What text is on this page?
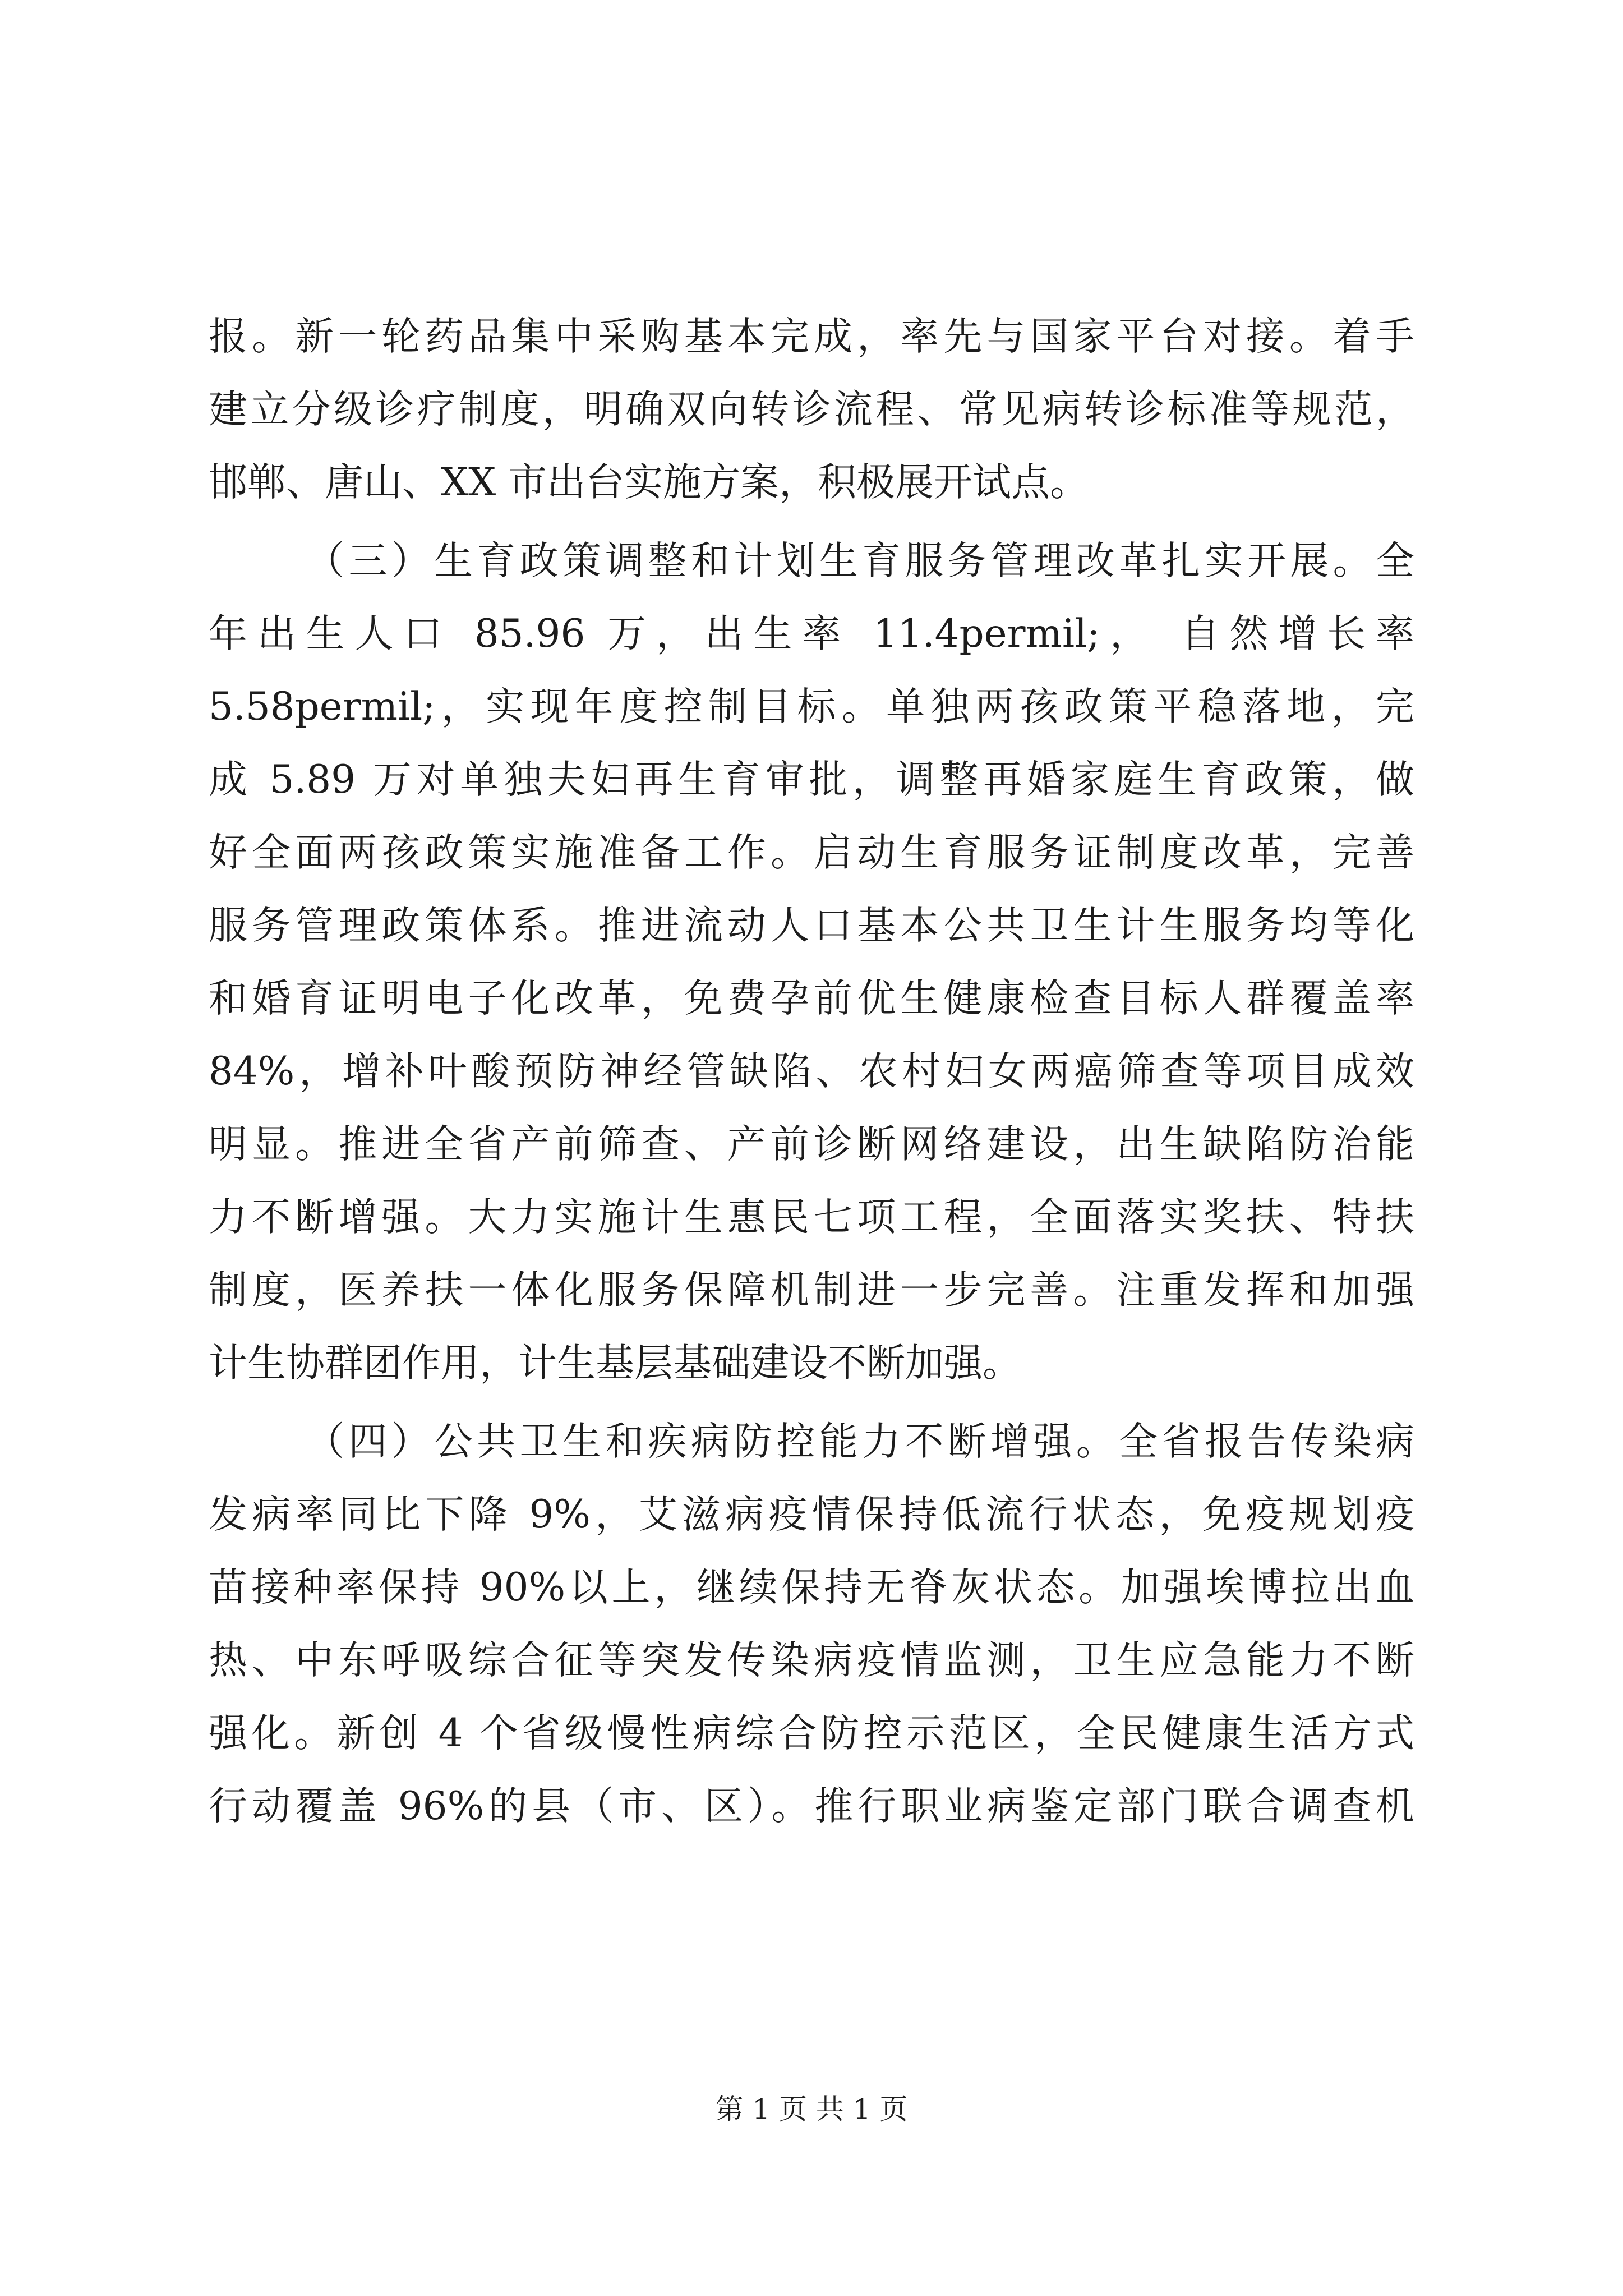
报。新一轮药品集中采购基本完成，率先与国家平台对接。着手
建立分级诊疗制度，明确双向转诊流程、常见病转诊标准等规范，
邯郸、唐山、XX 市出台实施方案，积极展开试点。
（三）生育政策调整和计划生育服务管理改革扎实开展。全
年出生人口 85.96 万，出生率 11.4permil;， 自然增长率
5.58permil;，实现年度控制目标。单独两孩政策平稳落地，完
成 5.89 万对单独夫妇再生育审批，调整再婚家庭生育政策，做
好全面两孩政策实施准备工作。启动生育服务证制度改革，完善
服务管理政策体系。推进流动人口基本公共卫生计生服务均等化
和婚育证明电子化改革，免费孕前优生健康检查目标人群覆盖率
84%，增补叶酸预防神经管缺陷、农村妇女两癌筛查等项目成效
明显。推进全省产前筛查、产前诊断网络建设，出生缺陷防治能
力不断增强。大力实施计生惠民七项工程，全面落实奖扶、特扶
制度，医养扶一体化服务保障机制进一步完善。注重发挥和加强
计生协群团作用，计生基层基础建设不断加强。
（四）公共卫生和疾病防控能力不断增强。全省报告传染病
发病率同比下降 9%，艾滋病疫情保持低流行状态，免疫规划疫
苗接种率保持 90%以上，继续保持无脊灰状态。加强埃博拉出血
热、中东呼吸综合征等突发传染病疫情监测，卫生应急能力不断
强化。新创 4 个省级慢性病综合防控示范区，全民健康生活方式
行动覆盖 96%的县（市、区）。推行职业病鉴定部门联合调查机
第 1 页 共 1 页
